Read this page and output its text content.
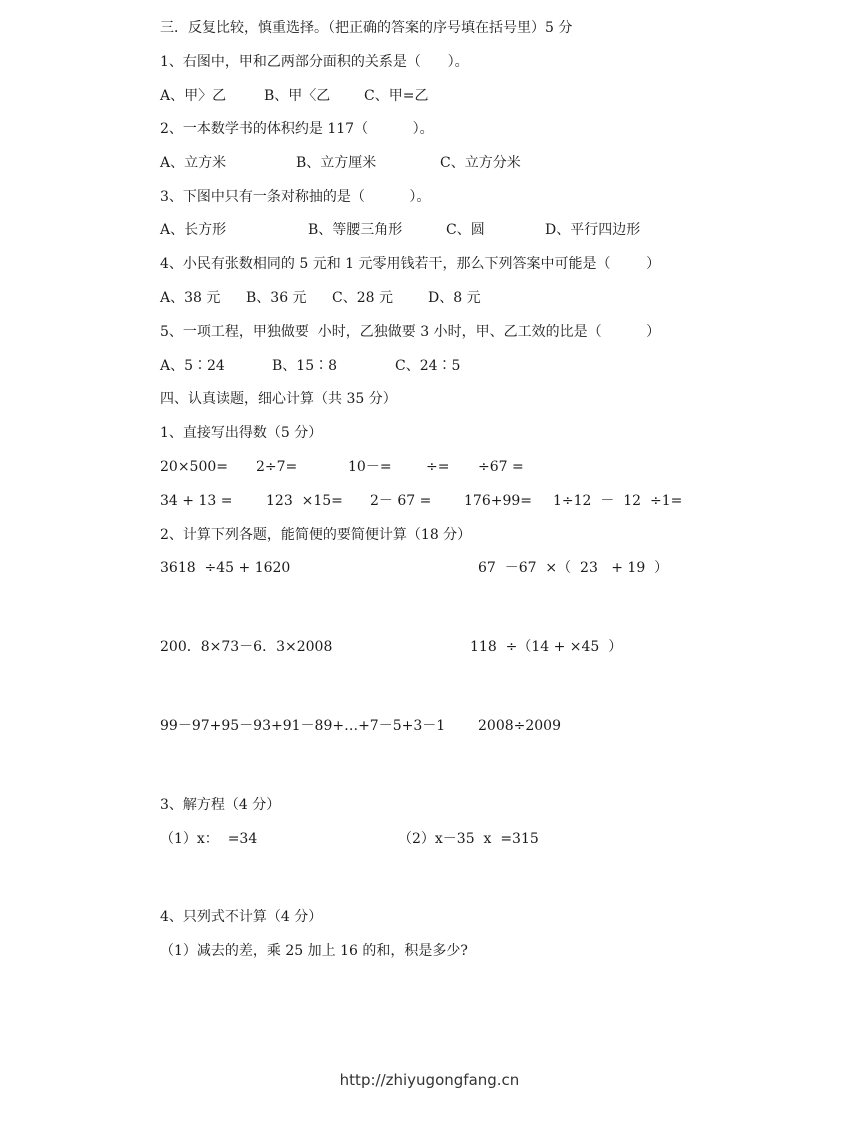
三．反复比较，慎重选择。（把正确的答案的序号填在括号里）5 分
1、右图中，甲和乙两部分面积的关系是（      ）。

A、甲〉乙

	B、甲〈乙

C、甲=乙

2、一本数学书的体积约是 117（          ）。

A、立方米

	B、立方厘米

	C、立方分米

3、下图中只有一条对称抽的是（          ）。

A、长方形

	B、等腰三角形

	C、圆

	D、平行四边形

4、小民有张数相同的 5 元和 1 元零用钱若干，那么下列答案中可能是（        ）

A、38 元

B、36 元

C、28 元

	D、8 元

5、一项工程，甲独做要  小时，乙独做要 3 小时，甲、乙工效的比是（          ）

A、5∶24

	B、15∶8

	C、24∶5

四、认真读题，细心计算（共 35 分）
1、直接写出得数（5 分）

20×500=

2÷7=

	10－=

÷=

÷67 =

34 + 13 =

123  ×15=

2－ 67 =

176+99=

1÷12  －  12  ÷1=

2、计算下列各题，能简便的要简便计算（18 分）

3618  ÷45 + 1620

	67  －67  ×（  23   + 19  ）

200．8×73－6．3×2008

	118  ÷（14 + ×45  ）

99－97+95－93+91－89+…+7－5+3－1

2008÷2009

3、解方程（4 分）

（1）x：  =34

	（2）x－35  x  =315

4、只列式不计算（4 分）
（1）减去的差，乘 25 加上 16 的和，积是多少?
http://zhiyugongfang.cn
